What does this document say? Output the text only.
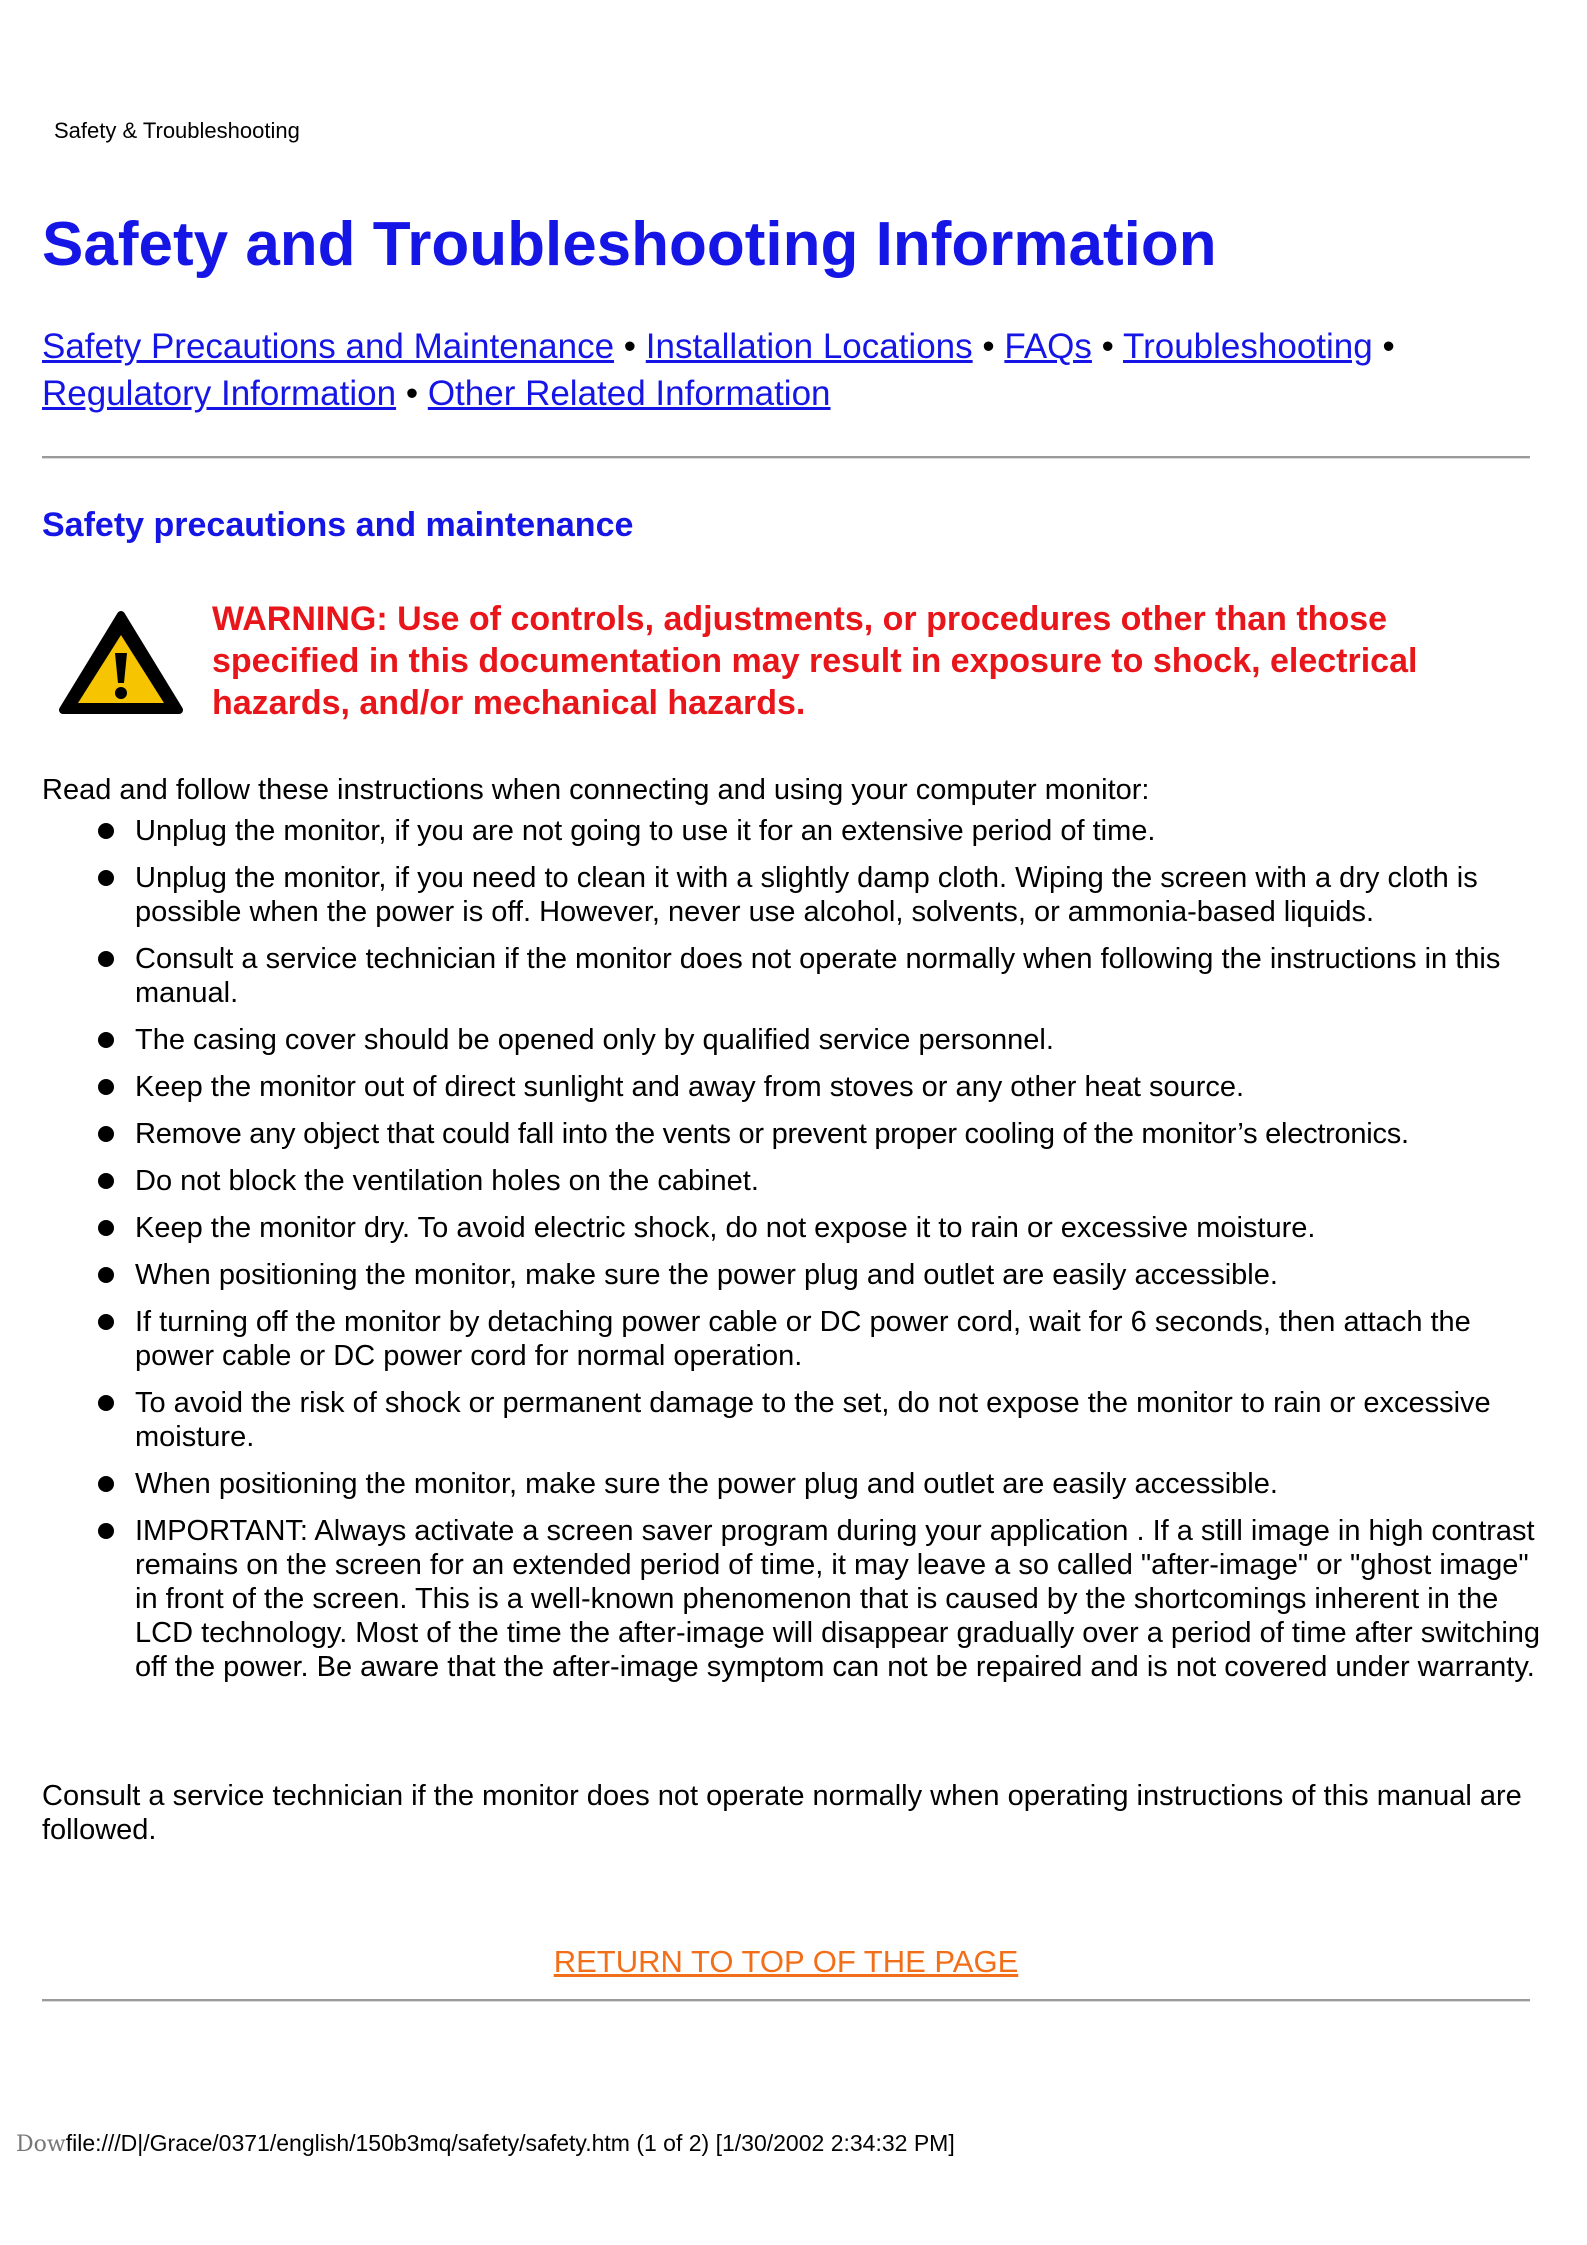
Safety & Troubleshooting
Safety and Troubleshooting Information
Safety Precautions and Maintenance • Installation Locations • FAQs • Troubleshooting •
Regulatory Information • Other Related Information
Safety precautions and maintenance
WARNING: Use of controls, adjustments, or procedures other than those specified in this documentation may result in exposure to shock, electrical hazards, and/or mechanical hazards.
Read and follow these instructions when connecting and using your computer monitor:
Unplug the monitor, if you are not going to use it for an extensive period of time.
Unplug the monitor, if you need to clean it with a slightly damp cloth. Wiping the screen with a dry cloth is possible when the power is off. However, never use alcohol, solvents, or ammonia-based liquids.
Consult a service technician if the monitor does not operate normally when following the instructions in this manual.
The casing cover should be opened only by qualified service personnel.
Keep the monitor out of direct sunlight and away from stoves or any other heat source.
Remove any object that could fall into the vents or prevent proper cooling of the monitor’s electronics.
Do not block the ventilation holes on the cabinet.
Keep the monitor dry. To avoid electric shock, do not expose it to rain or excessive moisture.
When positioning the monitor, make sure the power plug and outlet are easily accessible.
If turning off the monitor by detaching power cable or DC power cord, wait for 6 seconds, then attach the power cable or DC power cord for normal operation.
To avoid the risk of shock or permanent damage to the set, do not expose the monitor to rain or excessive moisture.
When positioning the monitor, make sure the power plug and outlet are easily accessible.
IMPORTANT: Always activate a screen saver program during your application . If a still image in high contrast remains on the screen for an extended period of time, it may leave a so called "after-image" or "ghost image" in front of the screen. This is a well-known phenomenon that is caused by the shortcomings inherent in the LCD technology. Most of the time the after-image will disappear gradually over a period of time after switching off the power. Be aware that the after-image symptom can not be repaired and is not covered under warranty.
Consult a service technician if the monitor does not operate normally when operating instructions of this manual are followed.
RETURN TO TOP OF THE PAGE
Dowfile:///D|/Grace/0371/english/150b3mq/safety/safety.htm (1 of 2) [1/30/2002 2:34:32 PM]
